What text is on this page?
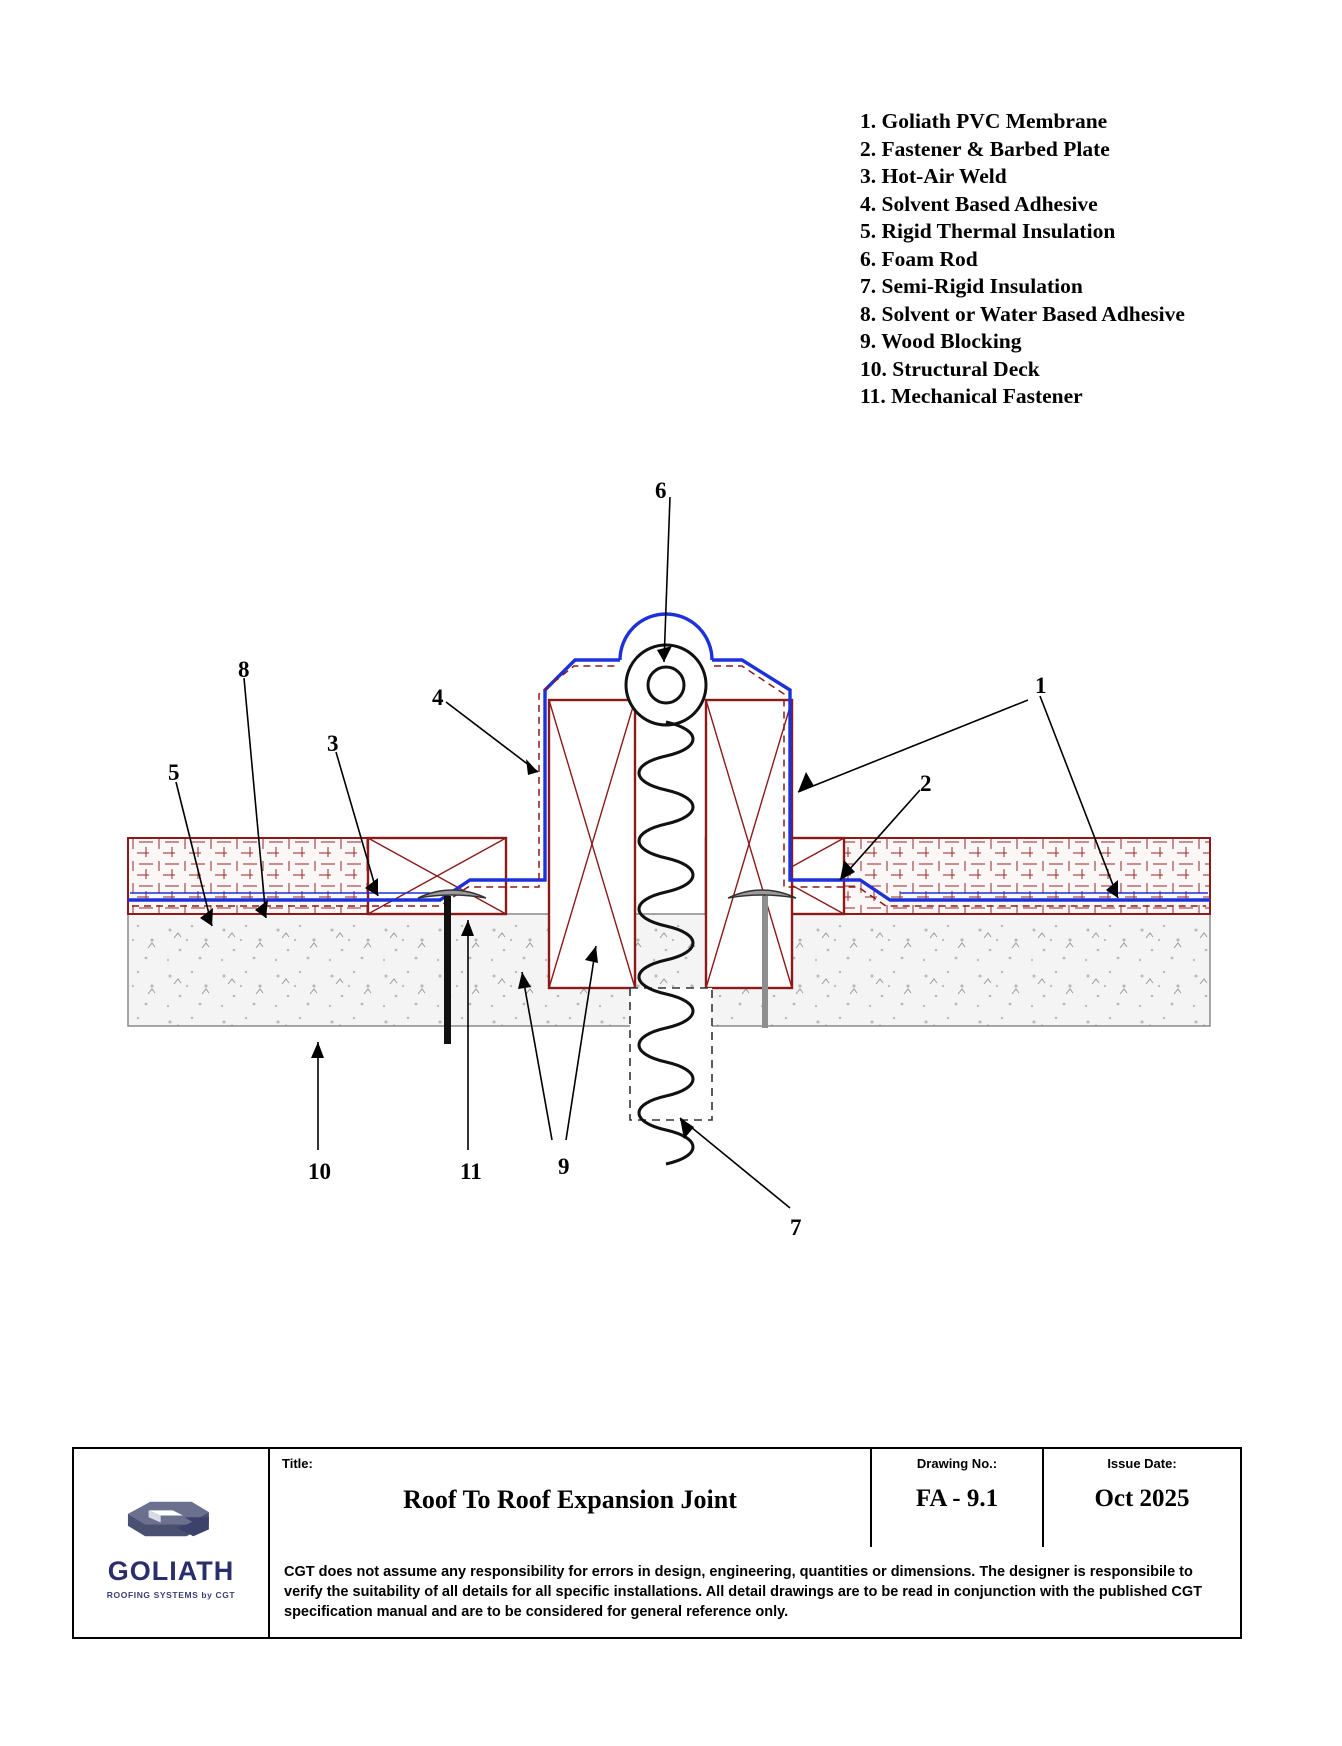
1. Goliath PVC Membrane
2. Fastener & Barbed Plate
3. Hot-Air Weld
4. Solvent Based Adhesive
5. Rigid Thermal Insulation
6. Foam Rod
7. Semi-Rigid Insulation
8. Solvent or Water Based Adhesive
9. Wood Blocking
10. Structural Deck
11. Mechanical Fastener
6
8
1
4
3
5	2
10	11	9
7
GOLIATH
ROOFING SYSTEMS by CGT
Title:
Roof To Roof Expansion Joint
Drawing No.:
FA - 9.1
Issue Date:
Oct 2025
CGT does not assume any responsibility for errors in design, engineering, quantities or dimensions. The designer is responsibile to verify the suitability of all details for all specific installations. All detail drawings are to be read in conjunction with the published CGT specification manual and are to be considered for general reference only.
